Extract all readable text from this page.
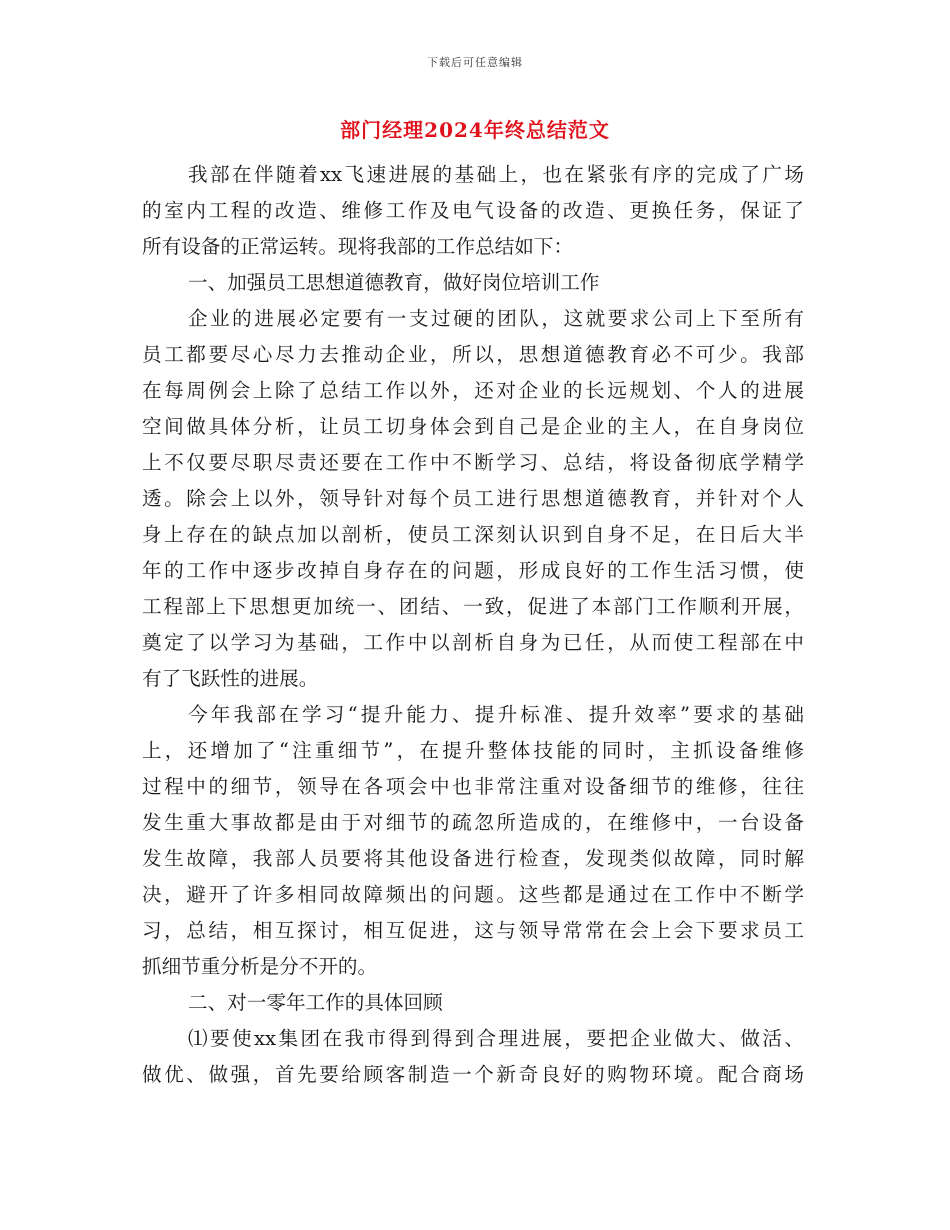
下载后可任意编辑
部门经理2024年终总结范文
我部在伴随着xx飞速进展的基础上，也在紧张有序的完成了广场
的室内工程的改造、维修工作及电气设备的改造、更换任务，保证了
所有设备的正常运转。现将我部的工作总结如下：
一、加强员工思想道德教育，做好岗位培训工作
企业的进展必定要有一支过硬的团队，这就要求公司上下至所有
员工都要尽心尽力去推动企业，所以，思想道德教育必不可少。我部
在每周例会上除了总结工作以外，还对企业的长远规划、个人的进展
空间做具体分析，让员工切身体会到自己是企业的主人，在自身岗位
上不仅要尽职尽责还要在工作中不断学习、总结，将设备彻底学精学
透。除会上以外，领导针对每个员工进行思想道德教育，并针对个人
身上存在的缺点加以剖析，使员工深刻认识到自身不足，在日后大半
年的工作中逐步改掉自身存在的问题，形成良好的工作生活习惯，使
工程部上下思想更加统一、团结、一致，促进了本部门工作顺利开展，
奠定了以学习为基础，工作中以剖析自身为已任，从而使工程部在中
有了飞跃性的进展。
今年我部在学习“提升能力、提升标准、提升效率”要求的基础
上，还增加了“注重细节”，在提升整体技能的同时，主抓设备维修
过程中的细节，领导在各项会中也非常注重对设备细节的维修，往往
发生重大事故都是由于对细节的疏忽所造成的，在维修中，一台设备
发生故障，我部人员要将其他设备进行检查，发现类似故障，同时解
决，避开了许多相同故障频出的问题。这些都是通过在工作中不断学
习，总结，相互探讨，相互促进，这与领导常常在会上会下要求员工
抓细节重分析是分不开的。
二、对一零年工作的具体回顾
⑴要使xx集团在我市得到得到合理进展，要把企业做大、做活、
做优、做强，首先要给顾客制造一个新奇良好的购物环境。配合商场
